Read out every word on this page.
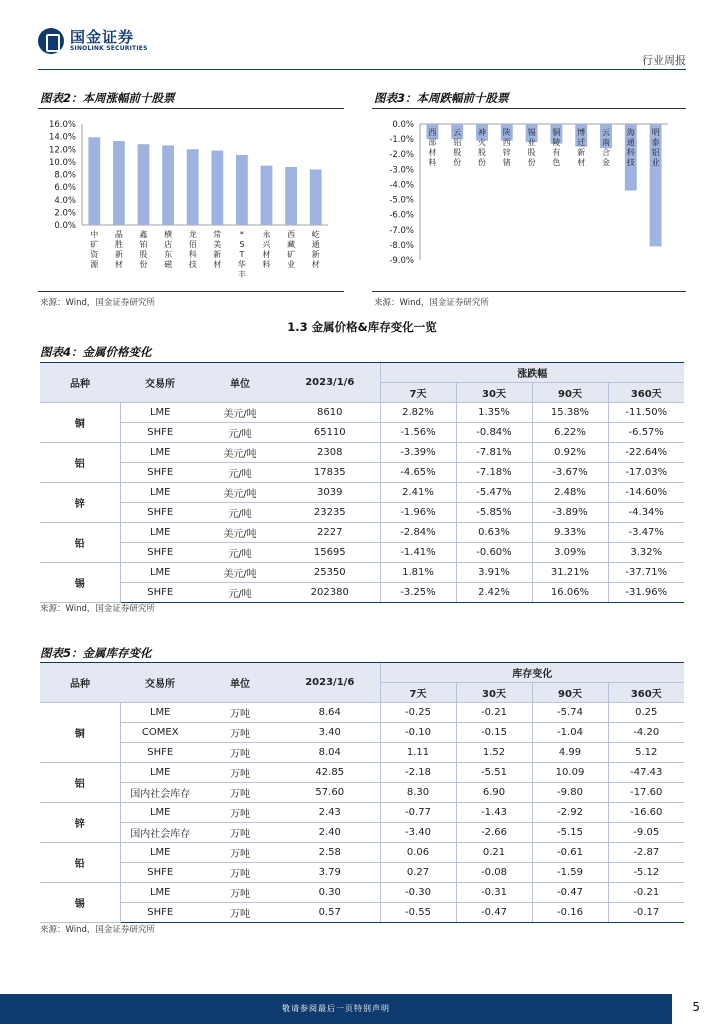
国金证券
SINOLINK SECURITIES
行业周报
图表2：本周涨幅前十股票	图表3：本周跌幅前十股票
0.0%
2.0%
4.0%
6.0%
8.0%
10.0%
12.0%
14.0%
16.0%
中矿资源
晶胜新材
鑫铂股份
横店东磁
龙佰科技
常美新材
* S T 华丰
永兴材料
西藏矿业
屹通新材
0.0%
-1.0%
-2.0%
-3.0%
-4.0%
-5.0%
-6.0%
-7.0%
-8.0%
-9.0%
西部材料
云铝股份
神火股份
陕西锌锗
锡业股份
铜陵有色
博迁新材
云南合金
海通科技
明泰铝业
来源：Wind，国金证券研究所	来源：Wind，国金证券研究所
1.3 金属价格&库存变化一览
图表4：金属价格变化
品种	交易所	单位	2023/1/6	涨跌幅			
				7天	30天	90天	360天
铜	LME	美元/吨	8610	2.82%	1.35%	15.38%	-11.50%
	SHFE	元/吨	65110	-1.56%	-0.84%	6.22%	-6.57%
铝	LME	美元/吨	2308	-3.39%	-7.81%	0.92%	-22.64%
	SHFE	元/吨	17835	-4.65%	-7.18%	-3.67%	-17.03%
锌	LME	美元/吨	3039	2.41%	-5.47%	2.48%	-14.60%
	SHFE	元/吨	23235	-1.96%	-5.85%	-3.89%	-4.34%
铅	LME	美元/吨	2227	-2.84%	0.63%	9.33%	-3.47%
	SHFE	元/吨	15695	-1.41%	-0.60%	3.09%	3.32%
锡	LME	美元/吨	25350	1.81%	3.91%	31.21%	-37.71%
	SHFE	元/吨	202380	-3.25%	2.42%	16.06%	-31.96%
来源：Wind，国金证券研究所
图表5：金属库存变化
品种	交易所	单位	2023/1/6	库存变化			
				7天	30天	90天	360天
铜	LME	万吨	8.64	-0.25	-0.21	-5.74	0.25
	COMEX	万吨	3.40	-0.10	-0.15	-1.04	-4.20
	SHFE	万吨	8.04	1.11	1.52	4.99	5.12
铝	LME	万吨	42.85	-2.18	-5.51	10.09	-47.43
	国内社会库存	万吨	57.60	8.30	6.90	-9.80	-17.60
锌	LME	万吨	2.43	-0.77	-1.43	-2.92	-16.60
	国内社会库存	万吨	2.40	-3.40	-2.66	-5.15	-9.05
铅	LME	万吨	2.58	0.06	0.21	-0.61	-2.87
	SHFE	万吨	3.79	0.27	-0.08	-1.59	-5.12
锡	LME	万吨	0.30	-0.30	-0.31	-0.47	-0.21
	SHFE	万吨	0.57	-0.55	-0.47	-0.16	-0.17
来源：Wind，国金证券研究所
敬请参阅最后一页特别声明	5
